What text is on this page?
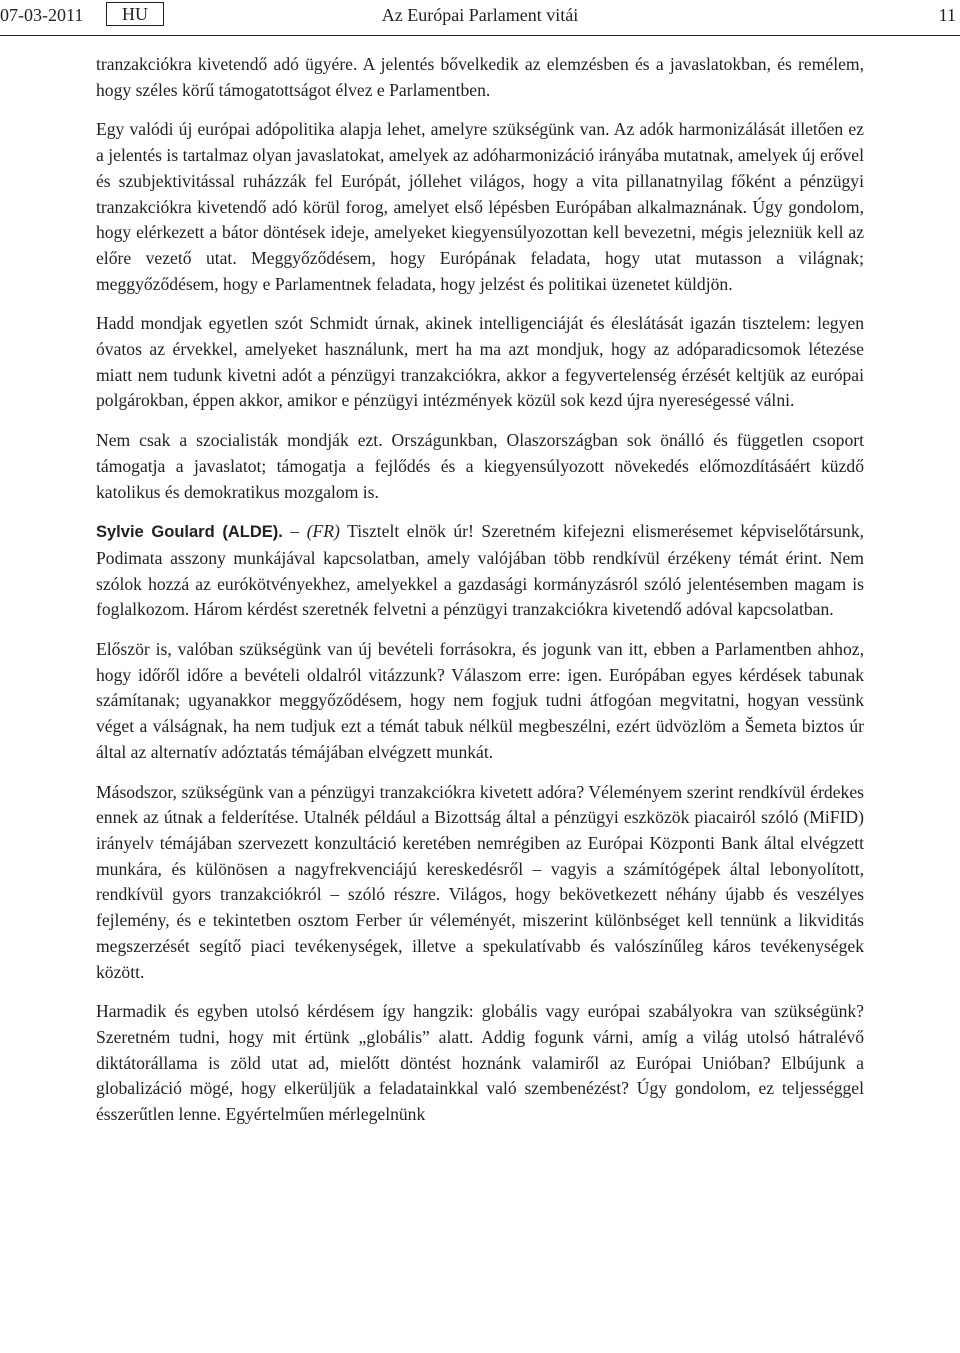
07-03-2011	HU	Az Európai Parlament vitái	11

tranzakciókra kivetendő adó ügyére. A jelentés bővelkedik az elemzésben és a javaslatokban, és remélem, hogy széles körű támogatottságot élvez e Parlamentben.

Egy valódi új európai adópolitika alapja lehet, amelyre szükségünk van. Az adók harmonizálását illetően ez a jelentés is tartalmaz olyan javaslatokat, amelyek az adóharmonizáció irányába mutatnak, amelyek új erővel és szubjektivitással ruházzák fel Európát, jóllehet világos, hogy a vita pillanatnyilag főként a pénzügyi tranzakciókra kivetendő adó körül forog, amelyet első lépésben Európában alkalmaznának. Úgy gondolom, hogy elérkezett a bátor döntések ideje, amelyeket kiegyensúlyozottan kell bevezetni, mégis jelezniük kell az előre vezető utat. Meggyőződésem, hogy Európának feladata, hogy utat mutasson a világnak; meggyőződésem, hogy e Parlamentnek feladata, hogy jelzést és politikai üzenetet küldjön.

Hadd mondjak egyetlen szót Schmidt úrnak, akinek intelligenciáját és éleslátását igazán tisztelem: legyen óvatos az érvekkel, amelyeket használunk, mert ha ma azt mondjuk, hogy az adóparadicsomok létezése miatt nem tudunk kivetni adót a pénzügyi tranzakciókra, akkor a fegyvertelenség érzését keltjük az európai polgárokban, éppen akkor, amikor e pénzügyi intézmények közül sok kezd újra nyereségessé válni.

Nem csak a szocialisták mondják ezt. Országunkban, Olaszországban sok önálló és független csoport támogatja a javaslatot; támogatja a fejlődés és a kiegyensúlyozott növekedés előmozdításáért küzdő katolikus és demokratikus mozgalom is.

Sylvie Goulard (ALDE). – (FR) Tisztelt elnök úr! Szeretném kifejezni elismerésemet képviselőtársunk, Podimata asszony munkájával kapcsolatban, amely valójában több rendkívül érzékeny témát érint. Nem szólok hozzá az eurókötvényekhez, amelyekkel a gazdasági kormányzásról szóló jelentésemben magam is foglalkozom. Három kérdést szeretnék felvetni a pénzügyi tranzakciókra kivetendő adóval kapcsolatban.

Először is, valóban szükségünk van új bevételi forrásokra, és jogunk van itt, ebben a Parlamentben ahhoz, hogy időről időre a bevételi oldalról vitázzunk? Válaszom erre: igen. Európában egyes kérdések tabunak számítanak; ugyanakkor meggyőződésem, hogy nem fogjuk tudni átfogóan megvitatni, hogyan vessünk véget a válságnak, ha nem tudjuk ezt a témát tabuk nélkül megbeszélni, ezért üdvözlöm a Šemeta biztos úr által az alternatív adóztatás témájában elvégzett munkát.

Másodszor, szükségünk van a pénzügyi tranzakciókra kivetett adóra? Véleményem szerint rendkívül érdekes ennek az útnak a felderítése. Utalnék például a Bizottság által a pénzügyi eszközök piacairól szóló (MiFID) irányelv témájában szervezett konzultáció keretében nemrégiben az Európai Központi Bank által elvégzett munkára, és különösen a nagyfrekvenciájú kereskedésről – vagyis a számítógépek által lebonyolított, rendkívül gyors tranzakciókról – szóló részre. Világos, hogy bekövetkezett néhány újabb és veszélyes fejlemény, és e tekintetben osztom Ferber úr véleményét, miszerint különbséget kell tennünk a likviditás megszerzését segítő piaci tevékenységek, illetve a spekulatívabb és valószínűleg káros tevékenységek között.

Harmadik és egyben utolsó kérdésem így hangzik: globális vagy európai szabályokra van szükségünk? Szeretném tudni, hogy mit értünk „globális” alatt. Addig fogunk várni, amíg a világ utolsó hátralévő diktátorállama is zöld utat ad, mielőtt döntést hoznánk valamiről az Európai Unióban? Elbújunk a globalizáció mögé, hogy elkerüljük a feladatainkkal való szembenézést? Úgy gondolom, ez teljességgel ésszerűtlen lenne. Egyértelműen mérlegelnünk
